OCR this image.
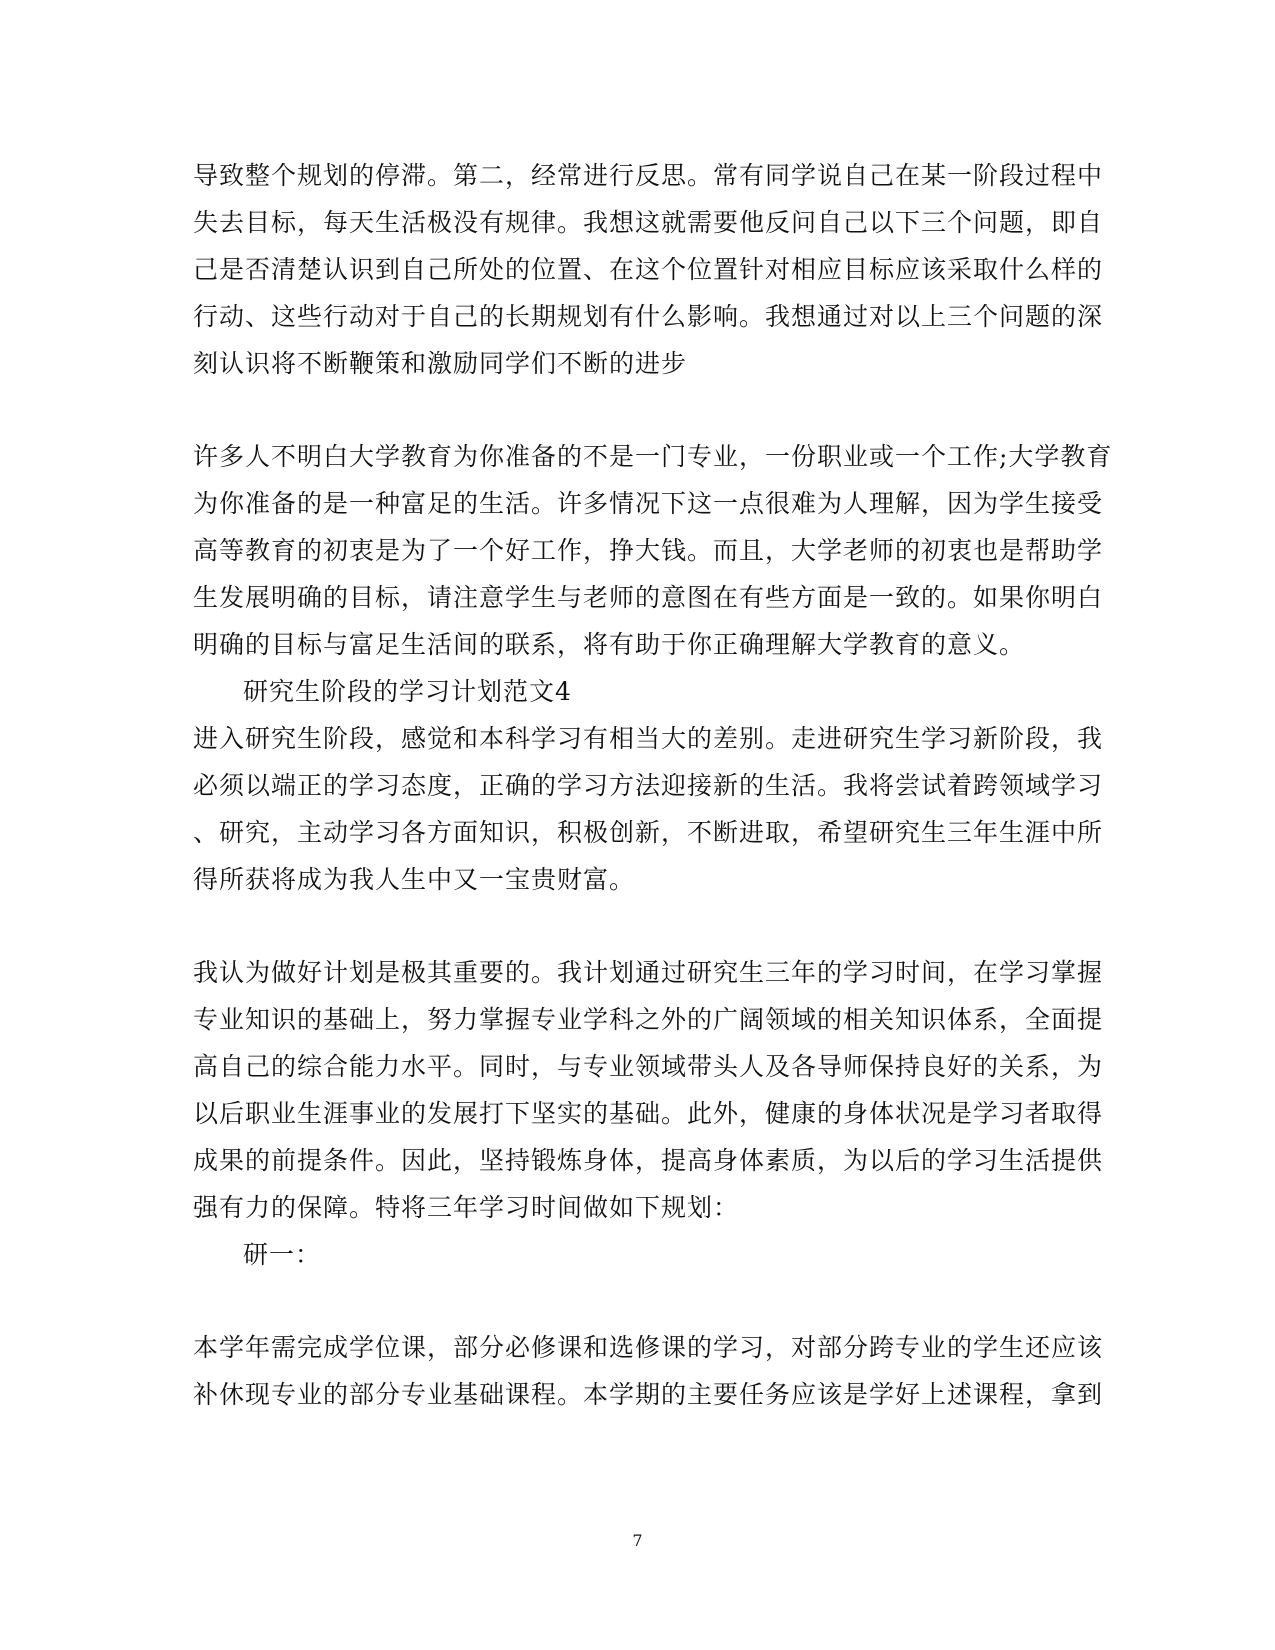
导致整个规划的停滞。第二，经常进行反思。常有同学说自己在某一阶段过程中
失去目标，每天生活极没有规律。我想这就需要他反问自己以下三个问题，即自
己是否清楚认识到自己所处的位置、在这个位置针对相应目标应该采取什么样的
行动、这些行动对于自己的长期规划有什么影响。我想通过对以上三个问题的深
刻认识将不断鞭策和激励同学们不断的进步
许多人不明白大学教育为你准备的不是一门专业，一份职业或一个工作;大学教育
为你准备的是一种富足的生活。许多情况下这一点很难为人理解，因为学生接受
高等教育的初衷是为了一个好工作，挣大钱。而且，大学老师的初衷也是帮助学
生发展明确的目标，请注意学生与老师的意图在有些方面是一致的。如果你明白
明确的目标与富足生活间的联系，将有助于你正确理解大学教育的意义。
研究生阶段的学习计划范文4
进入研究生阶段，感觉和本科学习有相当大的差别。走进研究生学习新阶段，我
必须以端正的学习态度，正确的学习方法迎接新的生活。我将尝试着跨领域学习
、研究，主动学习各方面知识，积极创新，不断进取，希望研究生三年生涯中所
得所获将成为我人生中又一宝贵财富。
我认为做好计划是极其重要的。我计划通过研究生三年的学习时间，在学习掌握
专业知识的基础上，努力掌握专业学科之外的广阔领域的相关知识体系，全面提
高自己的综合能力水平。同时，与专业领域带头人及各导师保持良好的关系，为
以后职业生涯事业的发展打下坚实的基础。此外，健康的身体状况是学习者取得
成果的前提条件。因此，坚持锻炼身体，提高身体素质，为以后的学习生活提供
强有力的保障。特将三年学习时间做如下规划：
研一：
本学年需完成学位课，部分必修课和选修课的学习，对部分跨专业的学生还应该
补休现专业的部分专业基础课程。本学期的主要任务应该是学好上述课程，拿到
7
